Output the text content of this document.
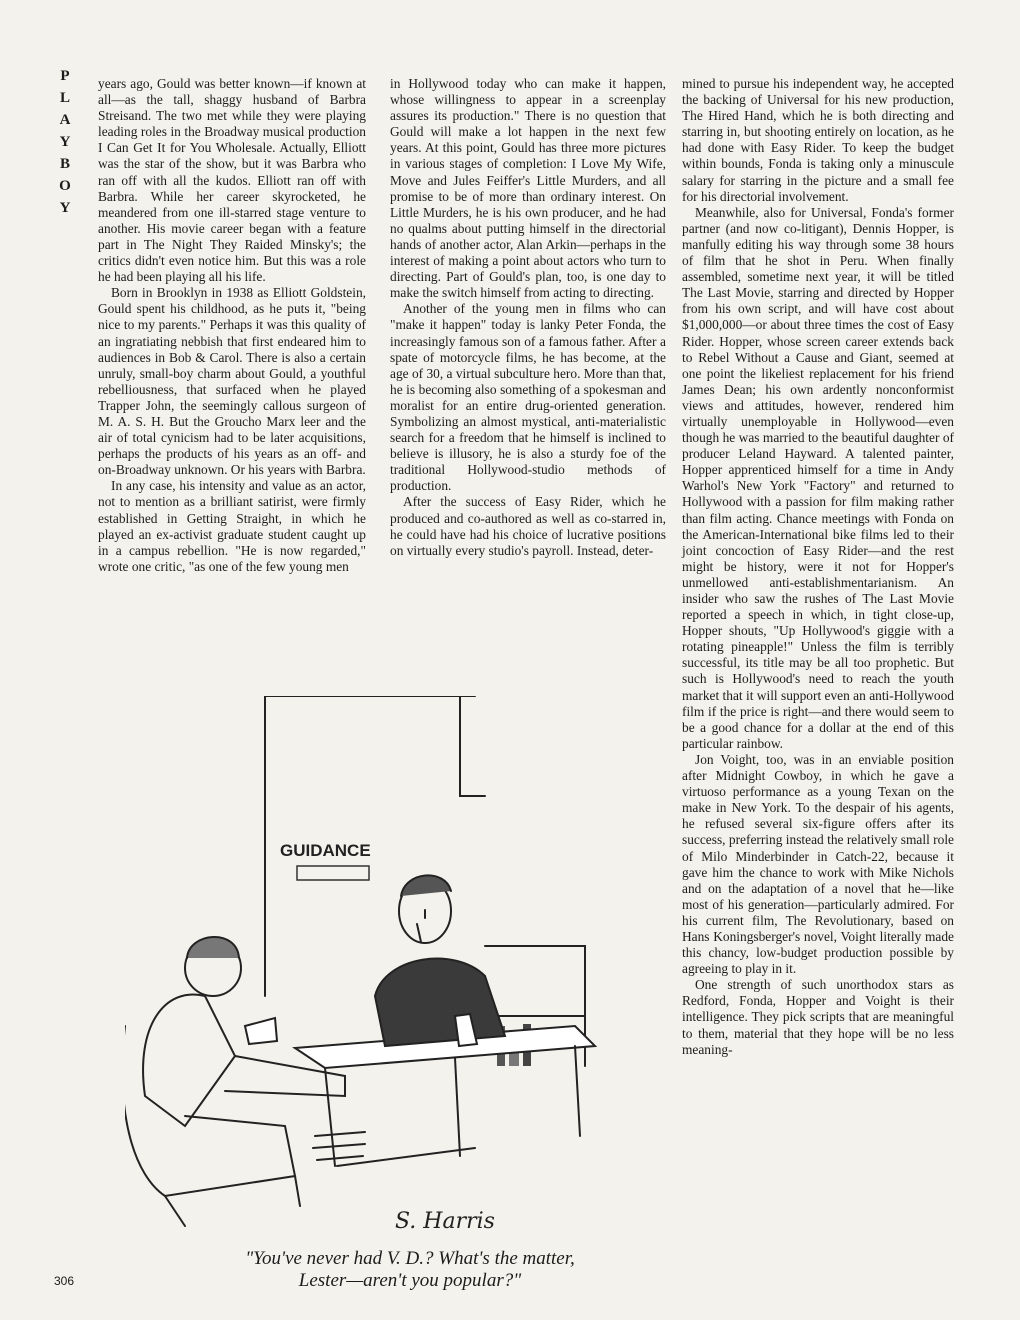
P
L
A
Y
B
O
Y

years ago, Gould was better known—if known at all—as the tall, shaggy husband of Barbra Streisand. The two met while they were playing leading roles in the Broadway musical production I Can Get It for You Wholesale. Actually, Elliott was the star of the show, but it was Barbra who ran off with all the kudos. Elliott ran off with Barbra. While her career skyrocketed, he meandered from one ill-starred stage venture to another. His movie career began with a feature part in The Night They Raided Minsky's; the critics didn't even notice him. But this was a role he had been playing all his life.

Born in Brooklyn in 1938 as Elliott Goldstein, Gould spent his childhood, as he puts it, "being nice to my parents." Perhaps it was this quality of an ingratiating nebbish that first endeared him to audiences in Bob & Carol. There is also a certain unruly, small-boy charm about Gould, a youthful rebelliousness, that surfaced when he played Trapper John, the seemingly callous surgeon of M. A. S. H. But the Groucho Marx leer and the air of total cynicism had to be later acquisitions, perhaps the products of his years as an off- and on-Broadway unknown. Or his years with Barbra.

In any case, his intensity and value as an actor, not to mention as a brilliant satirist, were firmly established in Getting Straight, in which he played an ex-activist graduate student caught up in a campus rebellion. "He is now regarded," wrote one critic, "as one of the few young men

in Hollywood today who can make it happen, whose willingness to appear in a screenplay assures its production." There is no question that Gould will make a lot happen in the next few years. At this point, Gould has three more pictures in various stages of completion: I Love My Wife, Move and Jules Feiffer's Little Murders, and all promise to be of more than ordinary interest. On Little Murders, he is his own producer, and he had no qualms about putting himself in the directorial hands of another actor, Alan Arkin—perhaps in the interest of making a point about actors who turn to directing. Part of Gould's plan, too, is one day to make the switch himself from acting to directing.

Another of the young men in films who can "make it happen" today is lanky Peter Fonda, the increasingly famous son of a famous father. After a spate of motorcycle films, he has become, at the age of 30, a virtual subculture hero. More than that, he is becoming also something of a spokesman and moralist for an entire drug-oriented generation. Symbolizing an almost mystical, anti-materialistic search for a freedom that he himself is inclined to believe is illusory, he is also a sturdy foe of the traditional Hollywood-studio methods of production.

After the success of Easy Rider, which he produced and co-authored as well as co-starred in, he could have had his choice of lucrative positions on virtually every studio's payroll. Instead, deter-

mined to pursue his independent way, he accepted the backing of Universal for his new production, The Hired Hand, which he is both directing and starring in, but shooting entirely on location, as he had done with Easy Rider. To keep the budget within bounds, Fonda is taking only a minuscule salary for starring in the picture and a small fee for his directorial involvement.

Meanwhile, also for Universal, Fonda's former partner (and now co-litigant), Dennis Hopper, is manfully editing his way through some 38 hours of film that he shot in Peru. When finally assembled, sometime next year, it will be titled The Last Movie, starring and directed by Hopper from his own script, and will have cost about $1,000,000—or about three times the cost of Easy Rider. Hopper, whose screen career extends back to Rebel Without a Cause and Giant, seemed at one point the likeliest replacement for his friend James Dean; his own ardently nonconformist views and attitudes, however, rendered him virtually unemployable in Hollywood—even though he was married to the beautiful daughter of producer Leland Hayward. A talented painter, Hopper apprenticed himself for a time in Andy Warhol's New York "Factory" and returned to Hollywood with a passion for film making rather than film acting. Chance meetings with Fonda on the American-International bike films led to their joint concoction of Easy Rider—and the rest might be history, were it not for Hopper's unmellowed anti-establishmentarianism. An insider who saw the rushes of The Last Movie reported a speech in which, in tight close-up, Hopper shouts, "Up Hollywood's giggie with a rotating pineapple!" Unless the film is terribly successful, its title may be all too prophetic. But such is Hollywood's need to reach the youth market that it will support even an anti-Hollywood film if the price is right—and there would seem to be a good chance for a dollar at the end of this particular rainbow.

Jon Voight, too, was in an enviable position after Midnight Cowboy, in which he gave a virtuoso performance as a young Texan on the make in New York. To the despair of his agents, he refused several six-figure offers after its success, preferring instead the relatively small role of Milo Minderbinder in Catch-22, because it gave him the chance to work with Mike Nichols and on the adaptation of a novel that he—like most of his generation—particularly admired. For his current film, The Revolutionary, based on Hans Koningsberger's novel, Voight literally made this chancy, low-budget production possible by agreeing to play in it.

One strength of such unorthodox stars as Redford, Fonda, Hopper and Voight is their intelligence. They pick scripts that are meaningful to them, material that they hope will be no less meaning-

GUIDANCE
S. Harris
"You've never had V. D.? What's the matter,
Lester—aren't you popular?"
306
